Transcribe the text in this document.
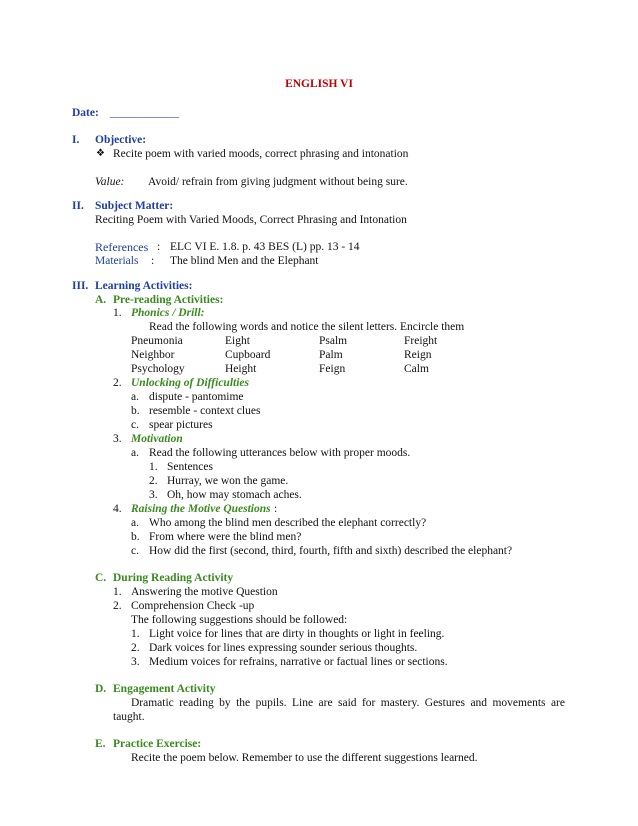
ENGLISH VI
Date: ____________
I. Objective:
❖ Recite poem with varied moods, correct phrasing and intonation
Value: Avoid/ refrain from giving judgment without being sure.
II. Subject Matter:
Reciting Poem with Varied Moods, Correct Phrasing and Intonation
References : ELC VI E. 1.8. p. 43 BES (L) pp. 13 - 14
Materials : The blind Men and the Elephant
III. Learning Activities:
A. Pre-reading Activities:
1. Phonics / Drill:
Read the following words and notice the silent letters. Encircle them
Pneumonia	Eight	Psalm	Freight
Neighbor	Cupboard	Palm	Reign
Psychology	Height	Feign	Calm
2. Unlocking of Difficulties
a. dispute - pantomime
b. resemble - context clues
c. spear pictures
3. Motivation
a. Read the following utterances below with proper moods.
1. Sentences
2. Hurray, we won the game.
3. Oh, how may stomach aches.
4. Raising the Motive Questions :
a. Who among the blind men described the elephant correctly?
b. From where were the blind men?
c. How did the first (second, third, fourth, fifth and sixth) described the elephant?
C. During Reading Activity
1. Answering the motive Question
2. Comprehension Check -up
The following suggestions should be followed:
1. Light voice for lines that are dirty in thoughts or light in feeling.
2. Dark voices for lines expressing sounder serious thoughts.
3. Medium voices for refrains, narrative or factual lines or sections.
D. Engagement Activity
Dramatic reading by the pupils. Line are said for mastery. Gestures and movements are
taught.
E. Practice Exercise:
Recite the poem below. Remember to use the different suggestions learned.
